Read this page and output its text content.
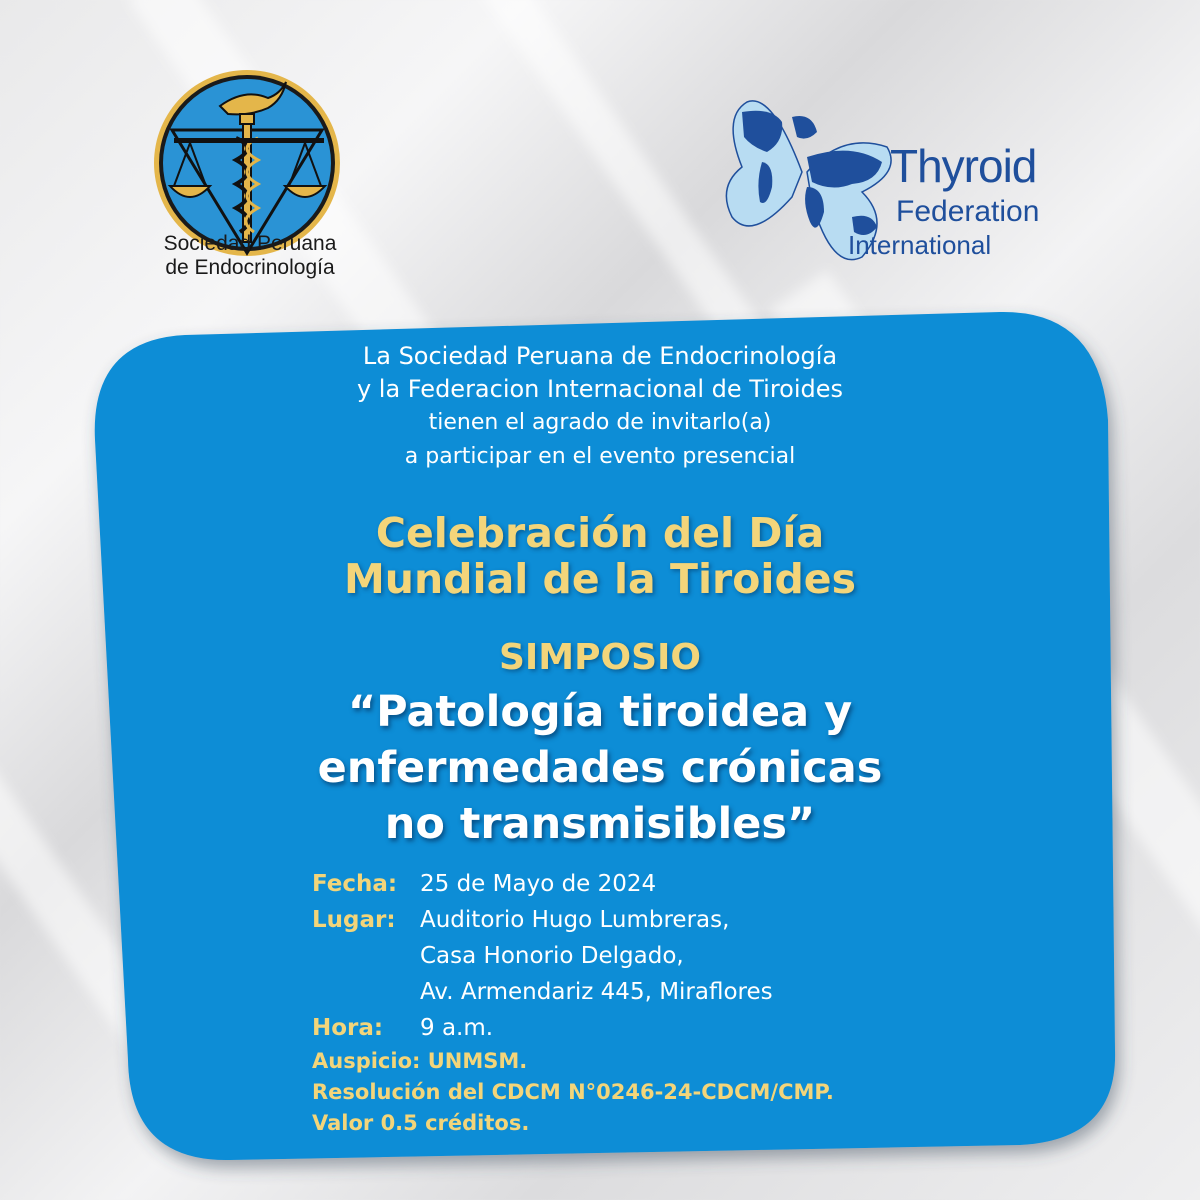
Sociedad Peruana
de Endocrinología
Thyroid
Federation
International
La Sociedad Peruana de Endocrinología
y la Federacion Internacional de Tiroides
tienen el agrado de invitarlo(a)
a participar en el evento presencial
Celebración del Día
Mundial de la Tiroides
SIMPOSIO
“Patología tiroidea y
enfermedades crónicas
no transmisibles”
Fecha: 25 de Mayo de 2024
Lugar: Auditorio Hugo Lumbreras,
Casa Honorio Delgado,
Av. Armendariz 445, Miraflores
Hora: 9 a.m.
Auspicio: UNMSM.
Resolución del CDCM N°0246-24-CDCM/CMP.
Valor 0.5 créditos.
